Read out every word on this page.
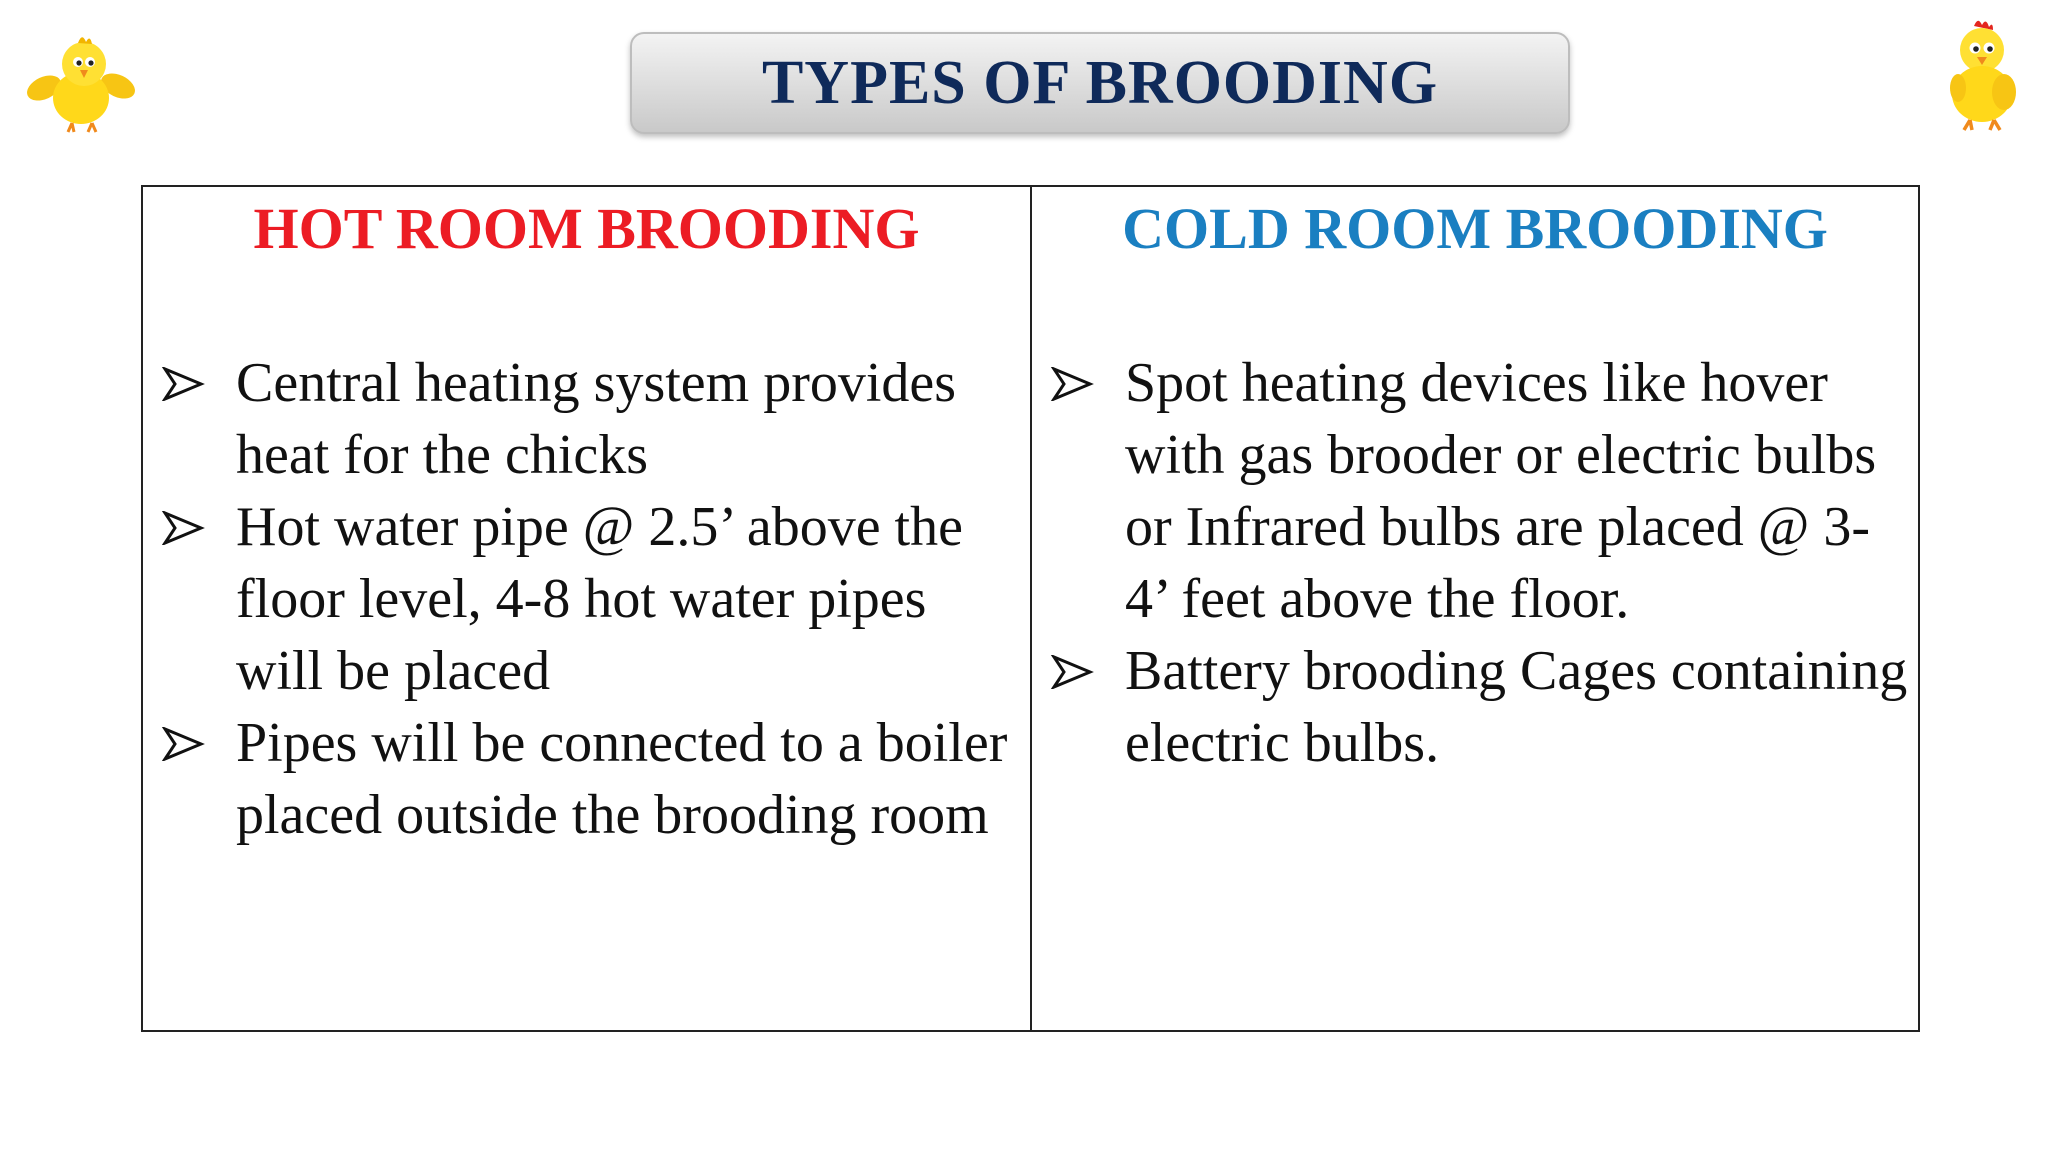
TYPES OF BROODING
HOT ROOM BROODING
Central heating system provides heat for the chicks
Hot water pipe @ 2.5’ above the floor level, 4-8 hot water pipes will be placed
Pipes will be connected to a boiler placed outside the brooding room
COLD ROOM BROODING
Spot heating devices like hover with gas brooder or electric bulbs or Infrared bulbs are placed @ 3-4’ feet above the floor.
Battery brooding Cages containing electric bulbs.
